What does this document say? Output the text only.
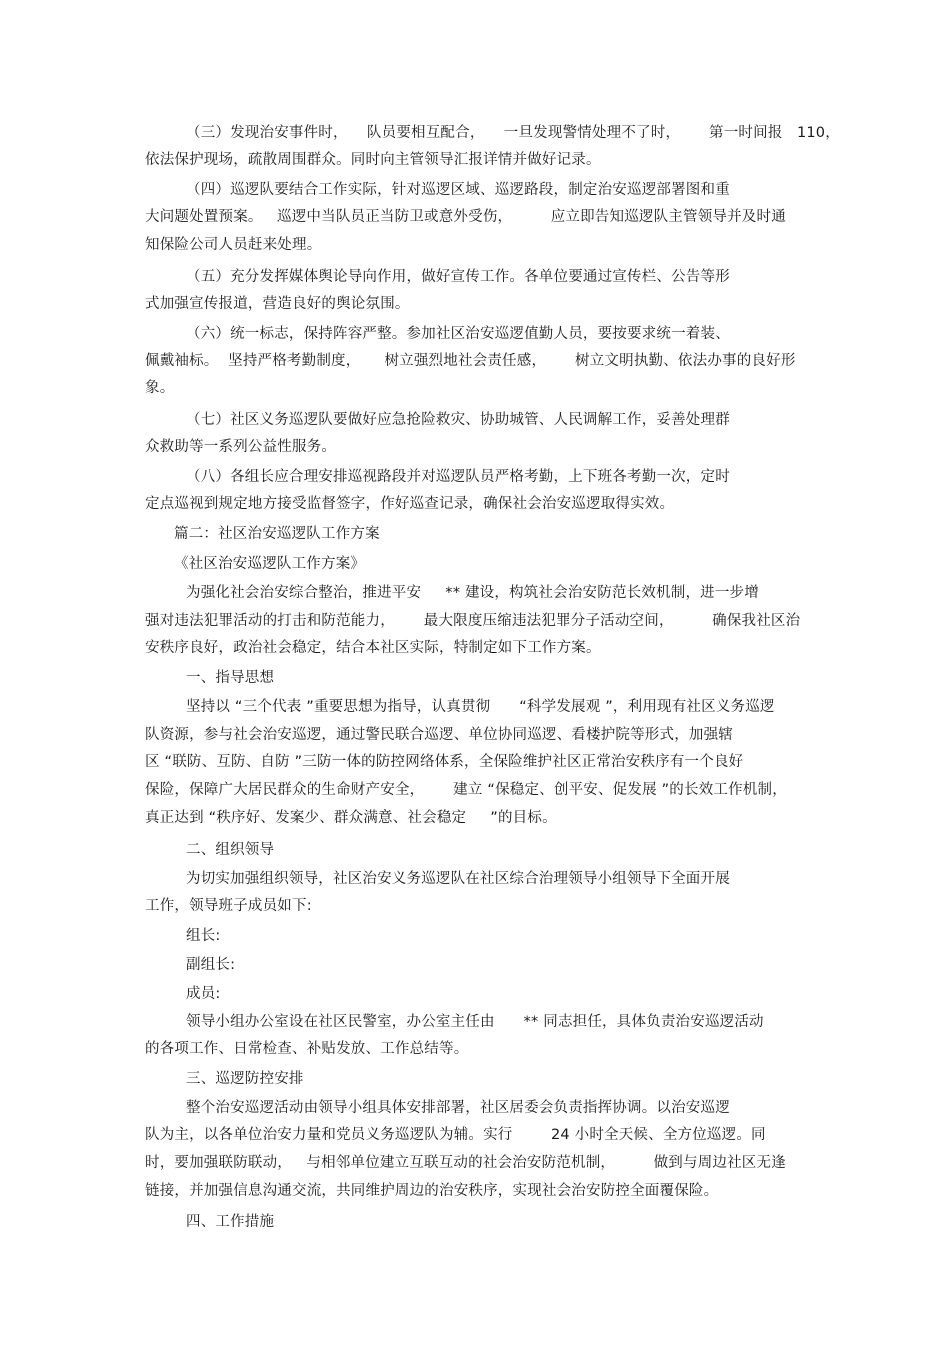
（三）发现治安事件时，    队员要相互配合，    一旦发现警情处理不了时，      第一时间报   110，
依法保护现场，疏散周围群众。同时向主管领导汇报详情并做好记录。
（四）巡逻队要结合工作实际，针对巡逻区域、巡逻路段，制定治安巡逻部署图和重
大问题处置预案。   巡逻中当队员正当防卫或意外受伤，        应立即告知巡逻队主管领导并及时通
知保险公司人员赶来处理。
（五）充分发挥媒体舆论导向作用，做好宣传工作。各单位要通过宣传栏、公告等形
式加强宣传报道，营造良好的舆论氛围。
（六）统一标志，保持阵容严整。参加社区治安巡逻值勤人员，要按要求统一着装、
佩戴袖标。  坚持严格考勤制度，     树立强烈地社会责任感，      树立文明执勤、依法办事的良好形
象。
（七）社区义务巡逻队要做好应急抢险救灾、协助城管、人民调解工作，妥善处理群
众救助等一系列公益性服务。
（八）各组长应合理安排巡视路段并对巡逻队员严格考勤，上下班各考勤一次，定时
定点巡视到规定地方接受监督签字，作好巡查记录，确保社会治安巡逻取得实效。
篇二：社区治安巡逻队工作方案
《社区治安巡逻队工作方案》
为强化社会治安综合整治，推进平安     ** 建设，构筑社会治安防范长效机制，进一步增
强对违法犯罪活动的打击和防范能力，      最大限度压缩违法犯罪分子活动空间，        确保我社区治
安秩序良好，政治社会稳定，结合本社区实际，特制定如下工作方案。
一、指导思想
坚持以 “三个代表 ”重要思想为指导，认真贯彻      “科学发展观 ”，利用现有社区义务巡逻
队资源，参与社会治安巡逻，通过警民联合巡逻、单位协同巡逻、看楼护院等形式，加强辖
区 “联防、互防、自防 ”三防一体的防控网络体系，全保险维护社区正常治安秩序有一个良好
保险，保障广大居民群众的生命财产安全，      建立 “保稳定、创平安、促发展 ”的长效工作机制，
真正达到 “秩序好、发案少、群众满意、社会稳定     ”的目标。
二、组织领导
为切实加强组织领导，社区治安义务巡逻队在社区综合治理领导小组领导下全面开展
工作，领导班子成员如下:
组长:
副组长:
成员:
领导小组办公室设在社区民警室，办公室主任由      ** 同志担任，具体负责治安巡逻活动
的各项工作、日常检查、补贴发放、工作总结等。
三、巡逻防控安排
整个治安巡逻活动由领导小组具体安排部署，社区居委会负责指挥协调。以治安巡逻
队为主，以各单位治安力量和党员义务巡逻队为辅。实行        24 小时全天候、全方位巡逻。同
时，要加强联防联动，   与相邻单位建立互联互动的社会治安防范机制，        做到与周边社区无逢
链接，并加强信息沟通交流，共同维护周边的治安秩序，实现社会治安防控全面覆保险。
四、工作措施
